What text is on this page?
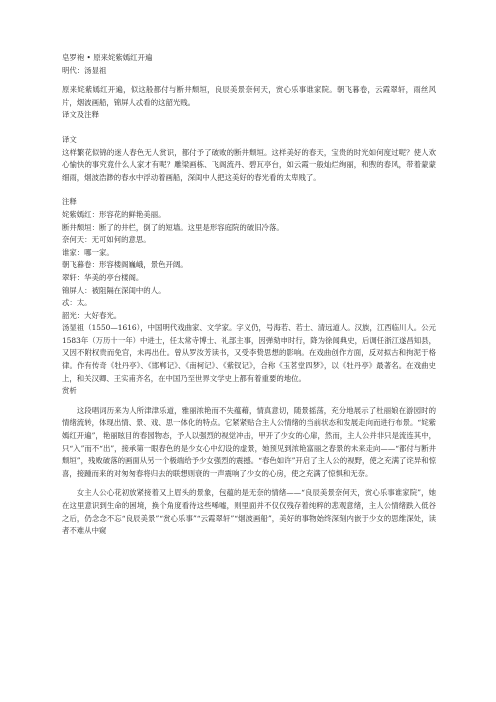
皂罗袍 • 原来姹紫嫣红开遍

明代：汤显祖

原来姹紫嫣红开遍，似这般都付与断井颓垣，良辰美景奈何天，赏心乐事谁家院。朝飞暮卷，云霞翠轩，雨丝风片，烟波画船，锦屏人忒看的这韶光贱。

译文及注释

译文

这样繁花似锦的迷人春色无人赏识，都付予了破败的断井颓垣。这样美好的春天，宝贵的时光如何度过呢？使人欢心愉快的事究竟什么人家才有呢？雕梁画栋、飞阁流丹、碧瓦亭台，如云霞一般灿烂绚丽，和煦的春风，带着蒙蒙细雨，烟波浩渺的春水中浮动着画船，深闺中人把这美好的春光看的太卑贱了。

注释

姹紫嫣红：形容花的鲜艳美丽。

断井颓垣：断了的井栏，倒了的短墙。这里是形容庭院的破旧冷落。

奈何天：无可如何的意思。

谁家：哪一家。

朝飞暮卷：形容楼阁巍峨，景色开阔。

翠轩：华美的亭台楼阁。

锦屏人：被阻隔在深闺中的人。

忒：太。

韶光：大好春光。

汤显祖（1550—1616），中国明代戏曲家、文学家。字义仍，号海若、若士、清远道人。汉族，江西临川人。公元1583年（万历十一年）中进士，任太常寺博士、礼部主事，因弹劾申时行，降为徐闻典史，后调任浙江遂昌知县，又因不附权贵而免官，未再出仕。曾从罗汝芳读书，又受李贽思想的影响。在戏曲创作方面，反对拟古和拘泥于格律。作有传奇《牡丹亭》、《邯郸记》、《南柯记》、《紫钗记》，合称《玉茗堂四梦》，以《牡丹亭》最著名。在戏曲史上，和关汉卿、王实甫齐名，在中国乃至世界文学史上都有着重要的地位。

赏析

这段唱词历来为人所津津乐道，雅丽浓艳而不失蕴藉，情真意切，随景摇荡，充分地展示了杜丽娘在游园时的情绪流转，体现出情、景、戏、思一体化的特点。它紧紧贴合主人公情绪的当前状态和发展走向而进行布景。“姹紫嫣红开遍”，艳丽眩目的春园物态，予人以强烈的视觉冲击，甲开了少女的心扉，然而，主人公并非只是流连其中，只“入”而不“出”，接承第一眼春色的是少女心中幻设的虚景，她预见到浓艳富丽之春景的未来走向——“都付与断井颓垣”，残败破落的画面从另一个极端给予少女强烈的震撼。“春色如许”开启了主人公的视野，使之充满了诧异和惊喜，接踵而来的对匆匆春将归去的联想则衰的一声震响了少女的心房，使之充满了惊惧和无奈。

女主人公心花初放紧接着又上眉头的景象，包蕴的是无奈的情绪——“良辰美景奈何天，赏心乐事谁家院”，她在这里意识到生命的困境，换个角度看待这些唏嘘，则里面并不仅仅残存着纯粹的悲观意绪，主人公情绪跌入低谷之后，仍念念不忘“良辰美景”“赏心乐事”“云霞翠轩”“烟波画船”，美好的事物始终深刻内嵌于少女的思维深处，读者不难从中窥
